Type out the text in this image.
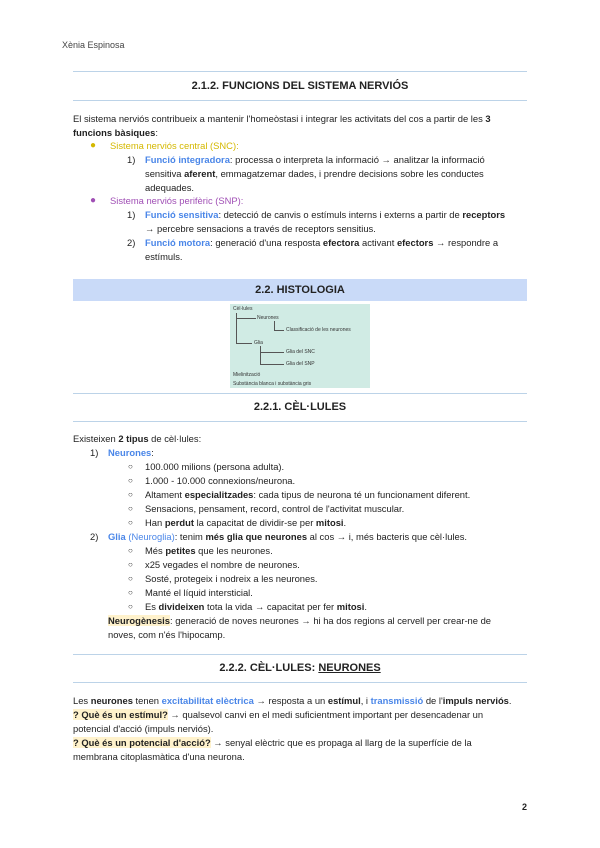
Xènia Espinosa
2.1.2. FUNCIONS DEL SISTEMA NERVIÓS
El sistema nerviós contribueix a mantenir l'homeòstasi i integrar les activitats del cos a partir de les 3
funcions bàsiques:
● Sistema nerviós central (SNC):
1) Funció integradora: processa o interpreta la informació → analitzar la informació
sensitiva aferent, emmagatzemar dades, i prendre decisions sobre les conductes
adequades.
● Sistema nerviós perifèric (SNP):
1) Funció sensitiva: detecció de canvis o estímuls interns i externs a partir de receptors
→ percebre sensacions a través de receptors sensitius.
2) Funció motora: generació d'una resposta efectora activant efectors → respondre a
estímuls.
2.2. HISTOLOGIA
Cèl·lules
Neurones
Classificació de les neurones
Glia
Glia del SNC
Glia del SNP
Mielinització
Substància blanca i substància gris
2.2.1. CÈL·LULES
Existeixen 2 tipus de cèl·lules:
1) Neurones:
○ 100.000 milions (persona adulta).
○ 1.000 - 10.000 connexions/neurona.
○ Altament especialitzades: cada tipus de neurona té un funcionament diferent.
○ Sensacions, pensament, record, control de l'activitat muscular.
○ Han perdut la capacitat de dividir-se per mitosi.
2) Glia (Neuroglia): tenim més glia que neurones al cos → i, més bacteris que cèl·lules.
○ Més petites que les neurones.
○ x25 vegades el nombre de neurones.
○ Sosté, protegeix i nodreix a les neurones.
○ Manté el líquid intersticial.
○ Es divideixen tota la vida → capacitat per fer mitosi.
Neurogènesis: generació de noves neurones → hi ha dos regions al cervell per crear-ne de
noves, com n'és l'hipocamp.
2.2.2. CÈL·LULES: NEURONES
Les neurones tenen excitabilitat elèctrica → resposta a un estímul, i transmissió de l'impuls nerviós.
? Què és un estímul? → qualsevol canvi en el medi suficientment important per desencadenar un
potencial d'acció (impuls nerviós).
? Què és un potencial d'acció? → senyal elèctric que es propaga al llarg de la superfície de la
membrana citoplasmàtica d'una neurona.
2
